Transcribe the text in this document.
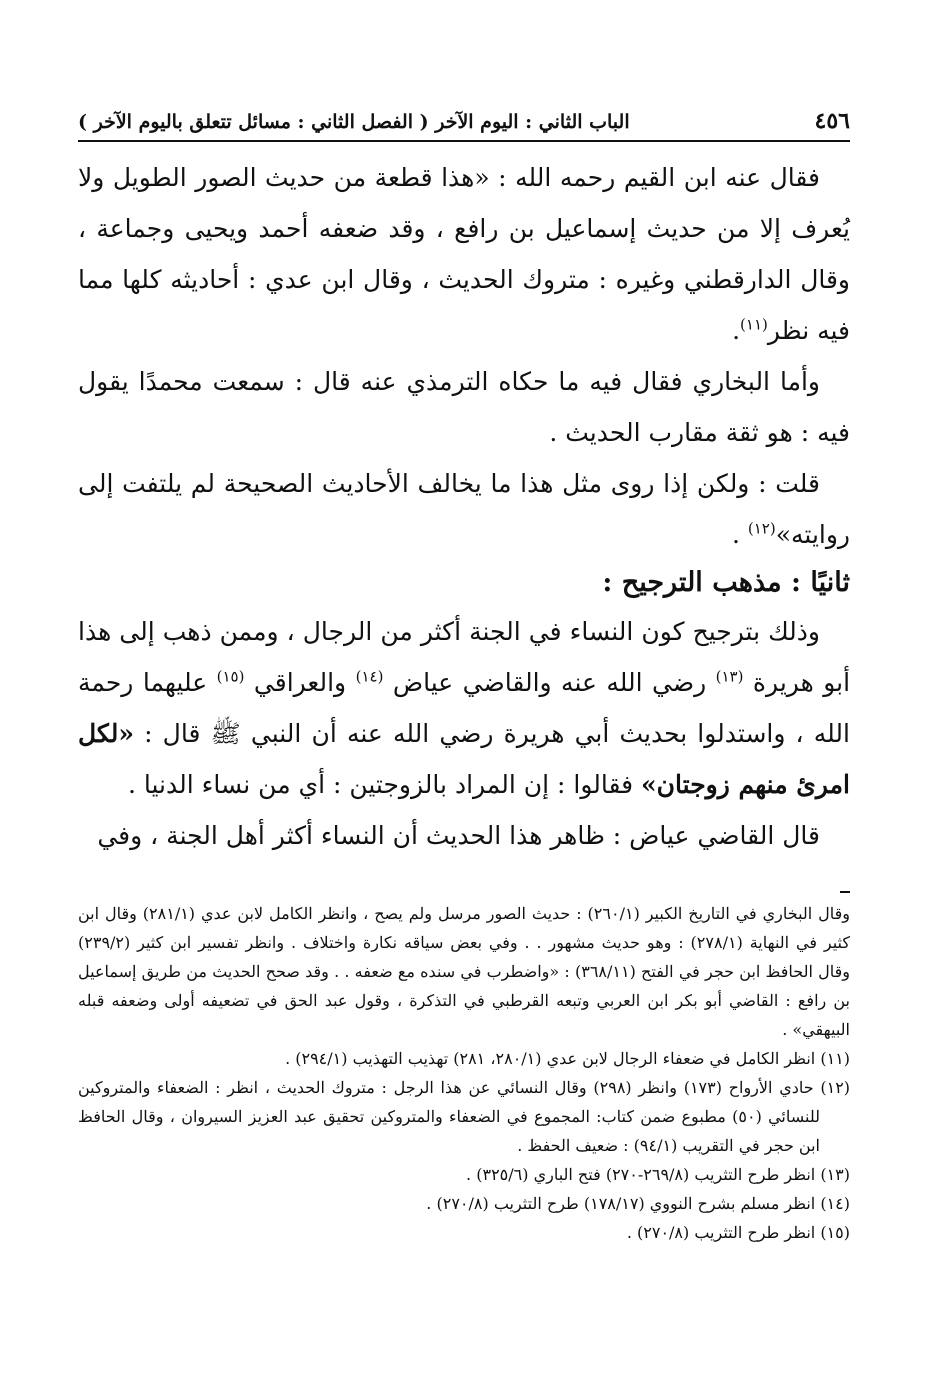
٤٥٦
الباب الثاني : اليوم الآخر ( الفصل الثاني : مسائل تتعلق باليوم الآخر )

فقال عنه ابن القيم رحمه الله : «هذا قطعة من حديث الصور الطويل ولا يُعرف إلا من حديث إسماعيل بن رافع ، وقد ضعفه أحمد ويحيى وجماعة ، وقال الدارقطني وغيره : متروك الحديث ، وقال ابن عدي : أحاديثه كلها مما فيه نظر$^{(١١)}$.

وأما البخاري فقال فيه ما حكاه الترمذي عنه قال : سمعت محمدًا يقول فيه : هو ثقة مقارب الحديث .

قلت : ولكن إذا روى مثل هذا ما يخالف الأحاديث الصحيحة لم يلتفت إلى روايته»$^{(١٢)}$ .

ثانيًا : مذهب الترجيح :

وذلك بترجيح كون النساء في الجنة أكثر من الرجال ، وممن ذهب إلى هذا أبو هريرة $^{(١٣)}$ رضي الله عنه والقاضي عياض $^{(١٤)}$ والعراقي $^{(١٥)}$ عليهما رحمة الله ، واستدلوا بحديث أبي هريرة رضي الله عنه أن النبي ﷺ قال : «لكل امرئ منهم زوجتان» فقالوا : إن المراد بالزوجتين : أي من نساء الدنيا .

قال القاضي عياض : ظاهر هذا الحديث أن النساء أكثر أهل الجنة ، وفي

وقال البخاري في التاريخ الكبير (٢٦٠/١) : حديث الصور مرسل ولم يصح ، وانظر الكامل لابن عدي (٢٨١/١) وقال ابن كثير في النهاية (٢٧٨/١) : وهو حديث مشهور . . وفي بعض سياقه نكارة واختلاف . وانظر تفسير ابن كثير (٢٣٩/٢) وقال الحافظ ابن حجر في الفتح (٣٦٨/١١) : «واضطرب في سنده مع ضعفه . . وقد صحح الحديث من طريق إسماعيل بن رافع : القاضي أبو بكر ابن العربي وتبعه القرطبي في التذكرة ، وقول عبد الحق في تضعيفه أولى وضعفه قبله البيهقي» .

(١١) انظر الكامل في ضعفاء الرجال لابن عدي (٢٨٠/١، ٢٨١) تهذيب التهذيب (٢٩٤/١) .

(١٢) حادي الأرواح (١٧٣) وانظر (٢٩٨) وقال النسائي عن هذا الرجل : متروك الحديث ، انظر : الضعفاء والمتروكين للنسائي (٥٠) مطبوع ضمن كتاب: المجموع في الضعفاء والمتروكين تحقيق عبد العزيز السيروان ، وقال الحافظ ابن حجر في التقريب (٩٤/١) : ضعيف الحفظ .

(١٣) انظر طرح التثريب (٢٦٩/٨-٢٧٠) فتح الباري (٣٢٥/٦) .

(١٤) انظر مسلم بشرح النووي (١٧٨/١٧) طرح التثريب (٢٧٠/٨) .

(١٥) انظر طرح التثريب (٢٧٠/٨) .
